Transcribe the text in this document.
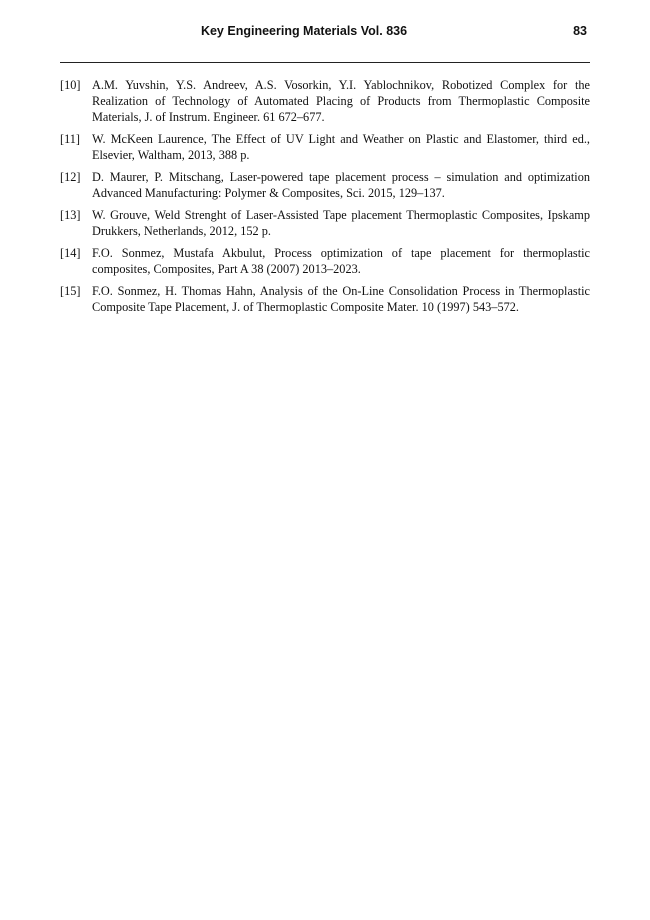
Key Engineering Materials Vol. 836	83
[10] A.M. Yuvshin, Y.S. Andreev, A.S. Vosorkin, Y.I. Yablochnikov, Robotized Complex for the Realization of Technology of Automated Placing of Products from Thermoplastic Composite Materials, J. of Instrum. Engineer. 61 672–677.
[11] W. McKeen Laurence, The Effect of UV Light and Weather on Plastic and Elastomer, third ed., Elsevier, Waltham, 2013, 388 p.
[12] D. Maurer, P. Mitschang, Laser-powered tape placement process – simulation and optimization Advanced Manufacturing: Polymer & Composites, Sci. 2015, 129–137.
[13] W. Grouve, Weld Strenght of Laser-Assisted Tape placement Thermoplastic Composites, Ipskamp Drukkers, Netherlands, 2012, 152 p.
[14] F.O. Sonmez, Mustafa Akbulut, Process optimization of tape placement for thermoplastic composites, Composites, Part A 38 (2007) 2013–2023.
[15] F.O. Sonmez, H. Thomas Hahn, Analysis of the On-Line Consolidation Process in Thermoplastic Composite Tape Placement, J. of Thermoplastic Composite Mater. 10 (1997) 543–572.
